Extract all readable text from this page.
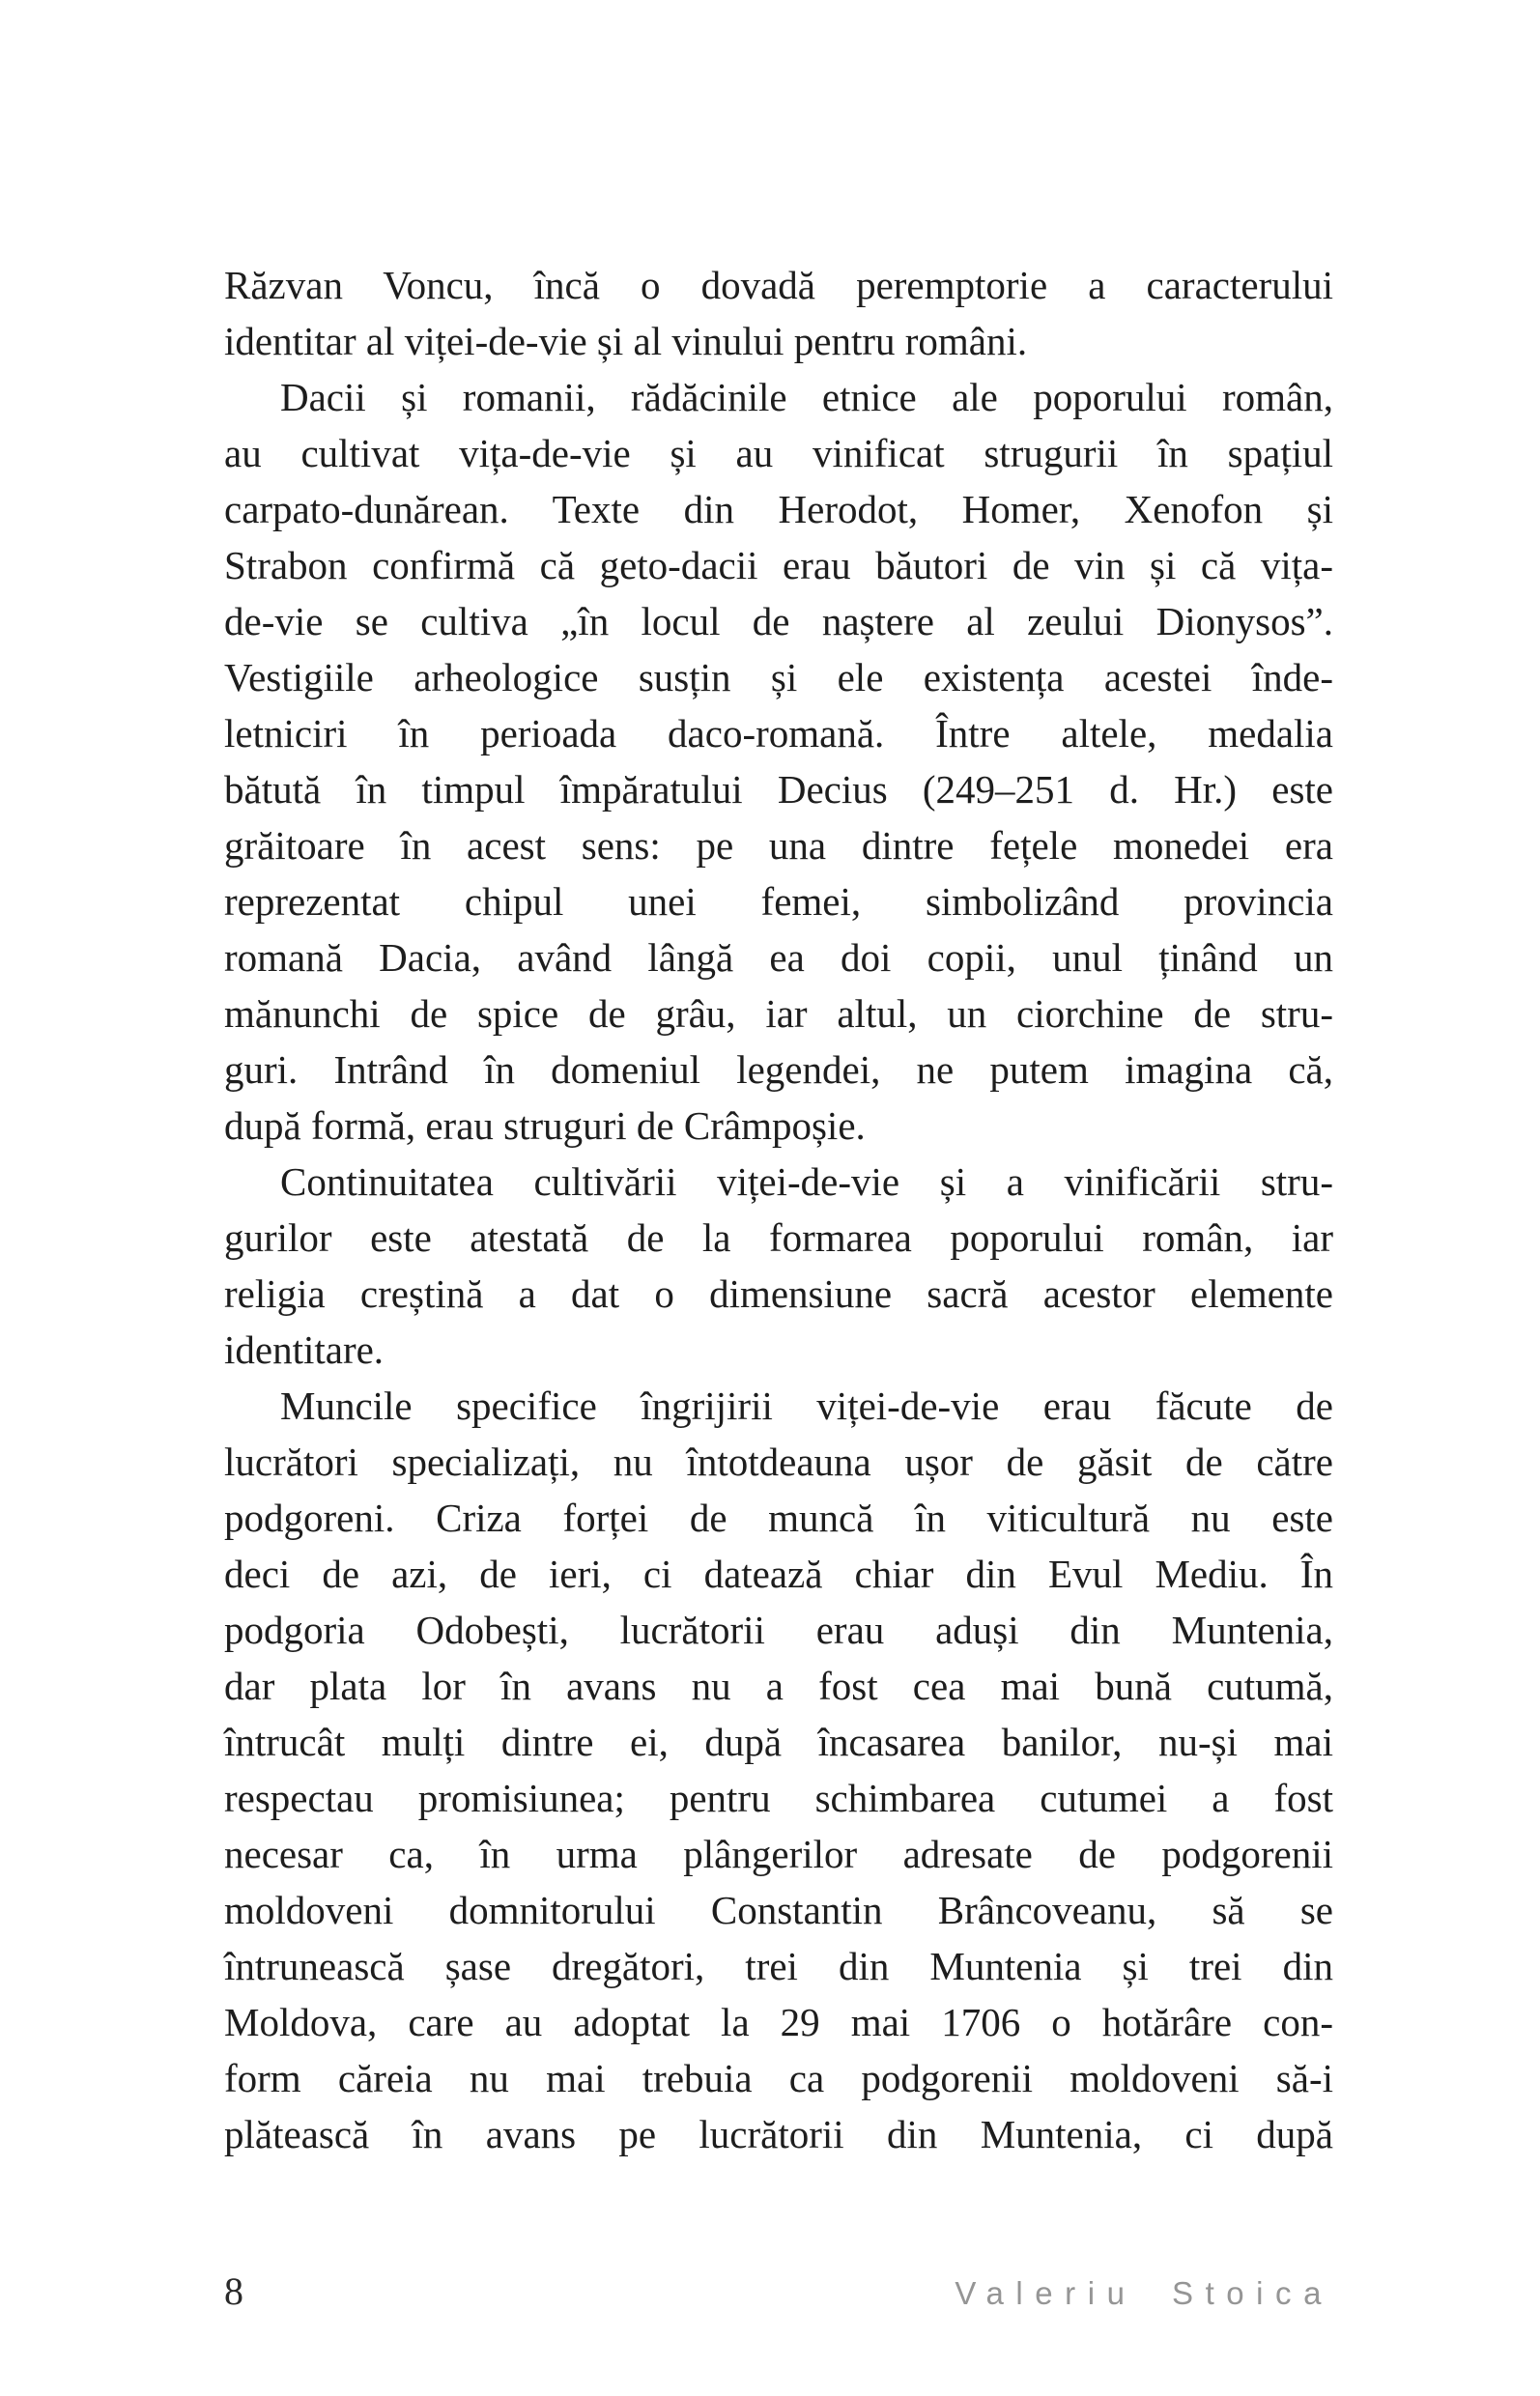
Răzvan Voncu, încă o dovadă peremptorie a caracterului
identitar al viței-de-vie și al vinului pentru români.
Dacii și romanii, rădăcinile etnice ale poporului român,
au cultivat vița-de-vie și au vinificat strugurii în spațiul
carpato-dunărean. Texte din Herodot, Homer, Xenofon și
Strabon confirmă că geto-dacii erau băutori de vin și că vița-
de-vie se cultiva „în locul de naștere al zeului Dionysos”.
Vestigiile arheologice susțin și ele existența acestei înde-
letniciri în perioada daco-romană. Între altele, medalia
bătută în timpul împăratului Decius (249–251 d. Hr.) este
grăitoare în acest sens: pe una dintre fețele monedei era
reprezentat chipul unei femei, simbolizând provincia
romană Dacia, având lângă ea doi copii, unul ținând un
mănunchi de spice de grâu, iar altul, un ciorchine de stru-
guri. Intrând în domeniul legendei, ne putem imagina că,
după formă, erau struguri de Crâmpoșie.
Continuitatea cultivării viței-de-vie și a vinificării stru-
gurilor este atestată de la formarea poporului român, iar
religia creștină a dat o dimensiune sacră acestor elemente
identitare.
Muncile specifice îngrijirii viței-de-vie erau făcute de
lucrători specializați, nu întotdeauna ușor de găsit de către
podgoreni. Criza forței de muncă în viticultură nu este
deci de azi, de ieri, ci datează chiar din Evul Mediu. În
podgoria Odobești, lucrătorii erau aduși din Muntenia,
dar plata lor în avans nu a fost cea mai bună cutumă,
întrucât mulți dintre ei, după încasarea banilor, nu-și mai
respectau promisiunea; pentru schimbarea cutumei a fost
necesar ca, în urma plângerilor adresate de podgorenii
moldoveni domnitorului Constantin Brâncoveanu, să se
întrunească șase dregători, trei din Muntenia și trei din
Moldova, care au adoptat la 29 mai 1706 o hotărâre con-
form căreia nu mai trebuia ca podgorenii moldoveni să-i
plătească în avans pe lucrătorii din Muntenia, ci după
8	Valeriu Stoica
